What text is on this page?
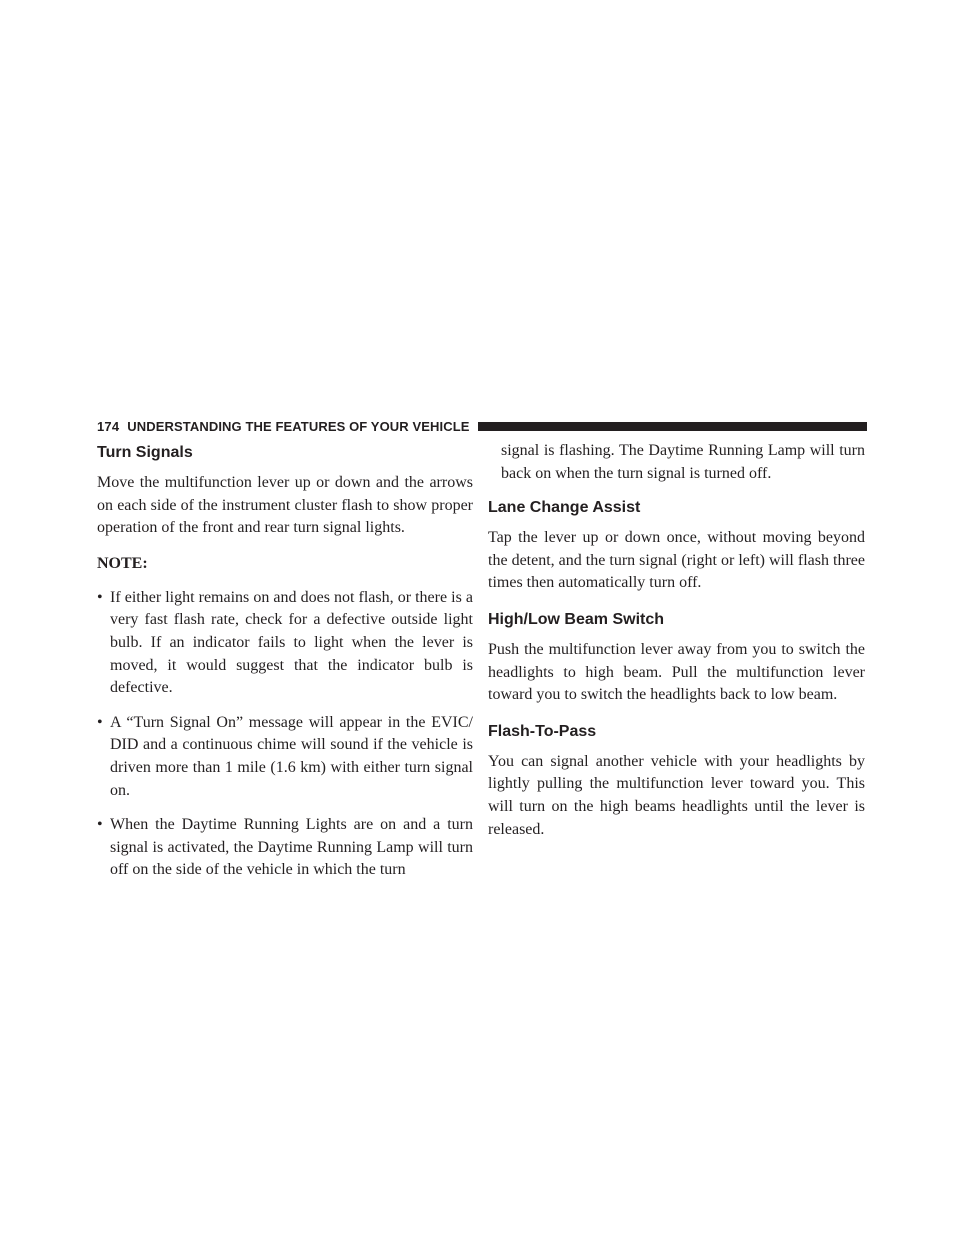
174 UNDERSTANDING THE FEATURES OF YOUR VEHICLE
Turn Signals

Move the multifunction lever up or down and the arrows on each side of the instrument cluster flash to show proper operation of the front and rear turn signal lights.

NOTE:
• If either light remains on and does not flash, or there is a very fast flash rate, check for a defective outside light bulb. If an indicator fails to light when the lever is moved, it would suggest that the indicator bulb is defective.
• A “Turn Signal On” message will appear in the EVIC/ DID and a continuous chime will sound if the vehicle is driven more than 1 mile (1.6 km) with either turn signal on.
• When the Daytime Running Lights are on and a turn signal is activated, the Daytime Running Lamp will turn off on the side of the vehicle in which the turn
signal is flashing. The Daytime Running Lamp will turn back on when the turn signal is turned off.
Lane Change Assist

Tap the lever up or down once, without moving beyond the detent, and the turn signal (right or left) will flash three times then automatically turn off.

High/Low Beam Switch

Push the multifunction lever away from you to switch the headlights to high beam. Pull the multifunction lever toward you to switch the headlights back to low beam.

Flash-To-Pass

You can signal another vehicle with your headlights by lightly pulling the multifunction lever toward you. This will turn on the high beams headlights until the lever is released.
